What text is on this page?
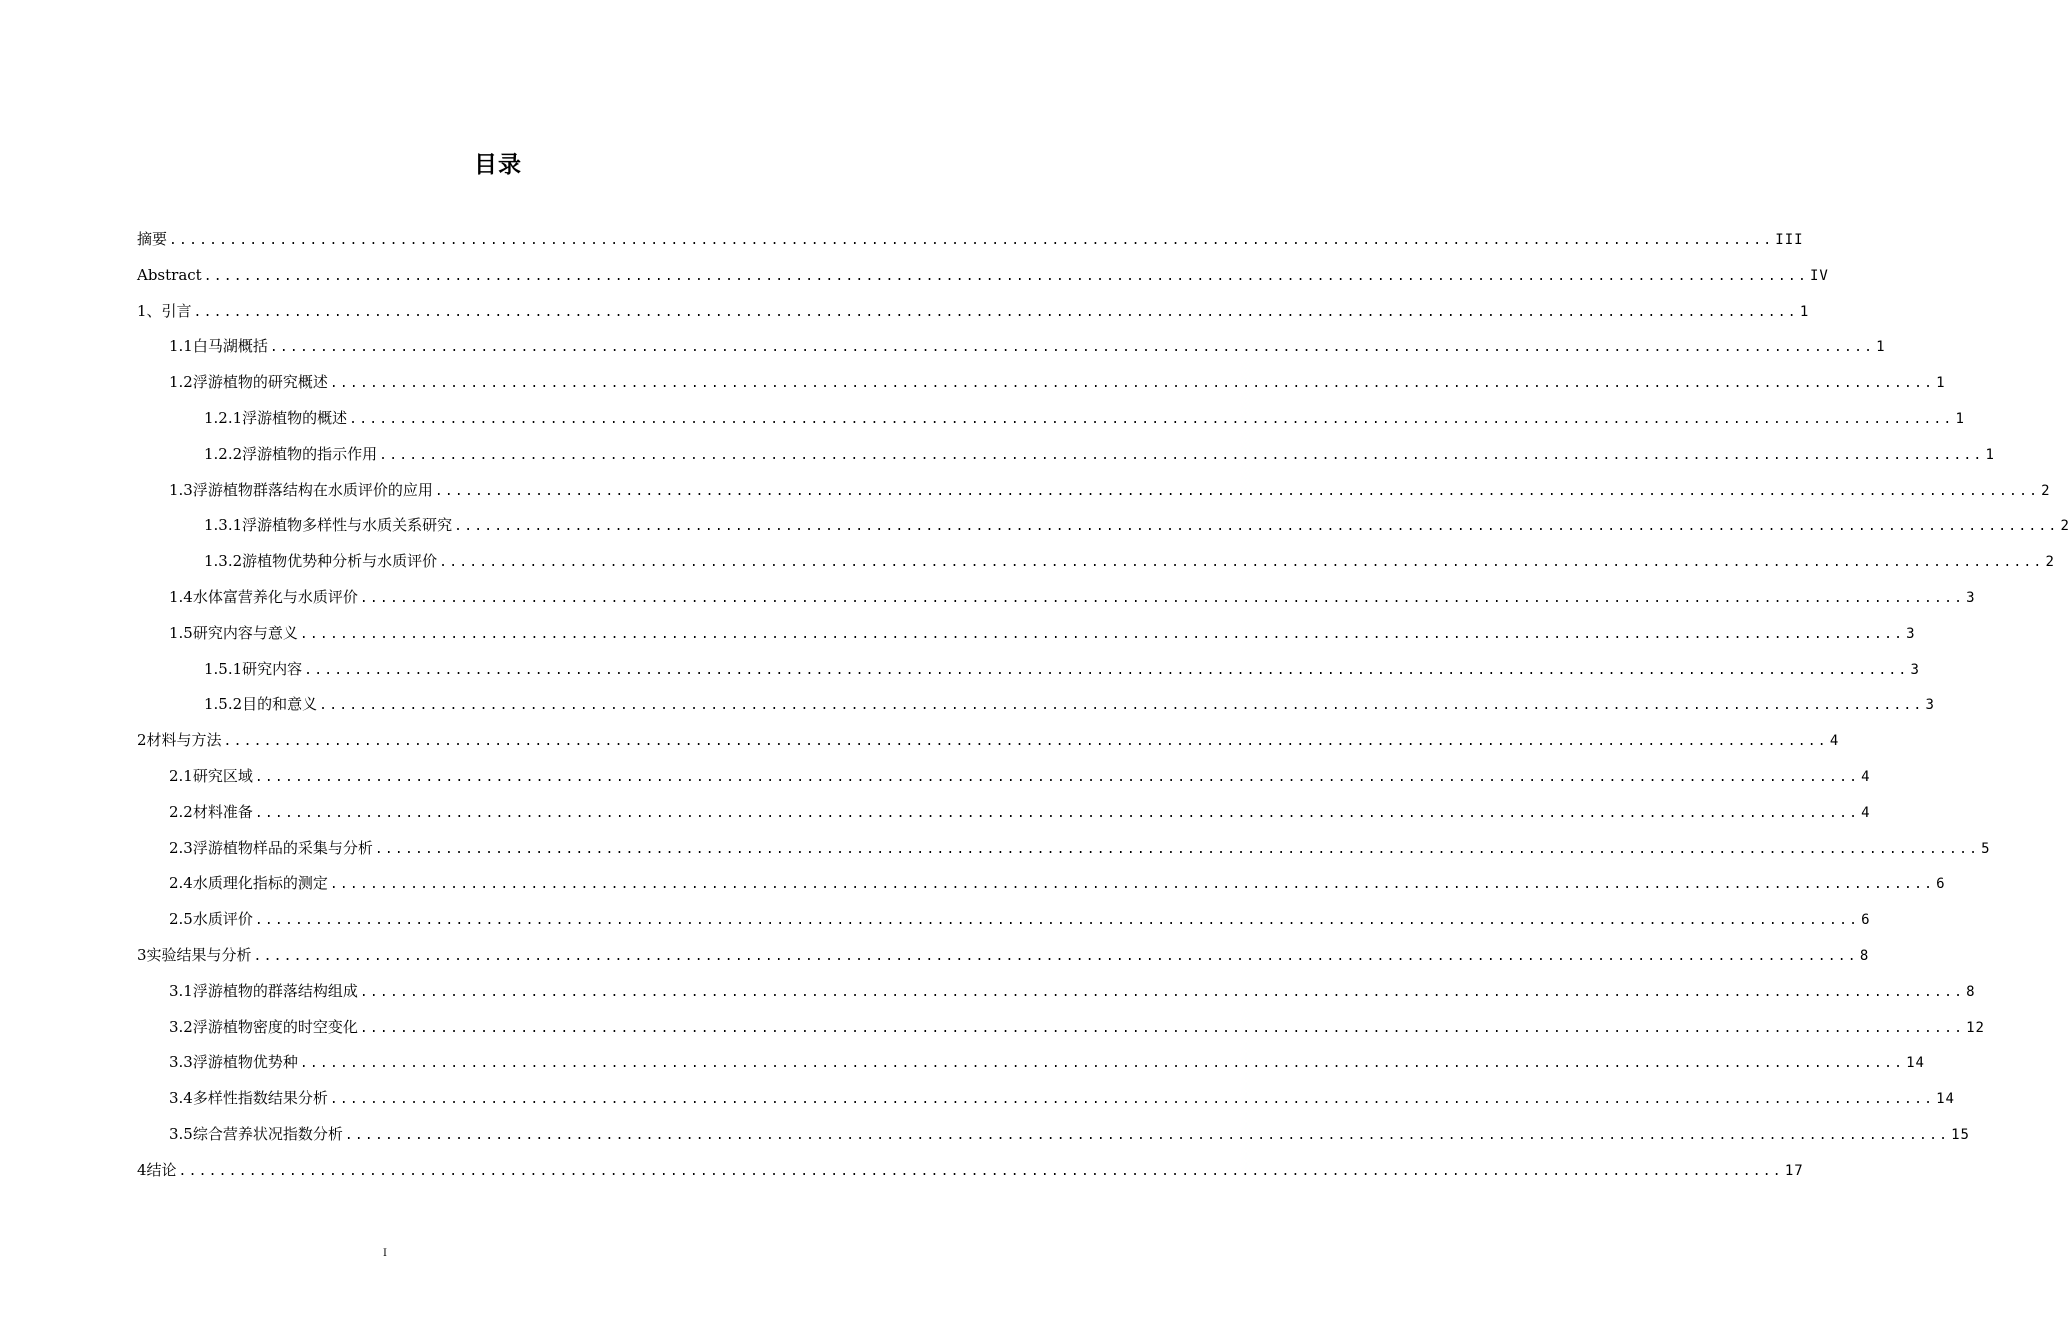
目录
摘要 ................................................................................................................................................................ III
Abstract ................................................................................................................................................................ IV
1、引言 ................................................................................................................................................................ 1
1.1白马湖概括 ................................................................................................................................................................ 1
1.2浮游植物的研究概述 ................................................................................................................................................................ 1
1.2.1浮游植物的概述 ................................................................................................................................................................ 1
1.2.2浮游植物的指示作用 ................................................................................................................................................................ 1
1.3浮游植物群落结构在水质评价的应用 ................................................................................................................................................................ 2
1.3.1浮游植物多样性与水质关系研究 ................................................................................................................................................................ 2
1.3.2游植物优势种分析与水质评价 ................................................................................................................................................................ 2
1.4水体富营养化与水质评价 ................................................................................................................................................................ 3
1.5研究内容与意义 ................................................................................................................................................................ 3
1.5.1研究内容 ................................................................................................................................................................ 3
1.5.2目的和意义 ................................................................................................................................................................ 3
2材料与方法 ................................................................................................................................................................ 4
2.1研究区域 ................................................................................................................................................................ 4
2.2材料准备 ................................................................................................................................................................ 4
2.3浮游植物样品的采集与分析 ................................................................................................................................................................ 5
2.4水质理化指标的测定 ................................................................................................................................................................ 6
2.5水质评价 ................................................................................................................................................................ 6
3实验结果与分析 ................................................................................................................................................................ 8
3.1浮游植物的群落结构组成 ................................................................................................................................................................ 8
3.2浮游植物密度的时空变化 ................................................................................................................................................................ 12
3.3浮游植物优势种 ................................................................................................................................................................ 14
3.4多样性指数结果分析 ................................................................................................................................................................ 14
3.5综合营养状况指数分析 ................................................................................................................................................................ 15
4结论 ................................................................................................................................................................ 17
I
